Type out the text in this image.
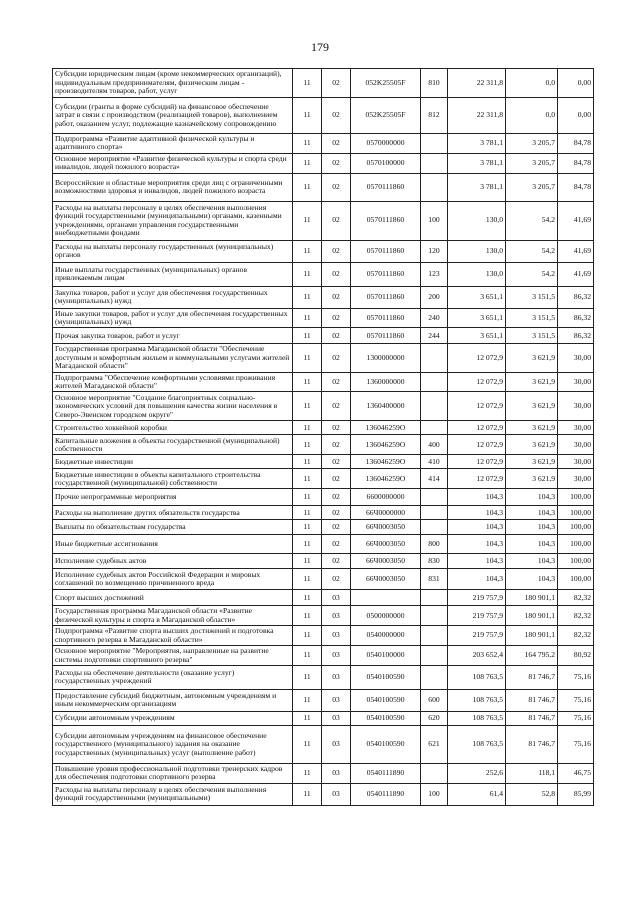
179
Субсидии юридическим лицам (кроме некоммерческих организаций), индивидуальным предпринимателям, физическим лицам - производителям товаров, работ, услуг	11	02	052K25505F	810	22 311,8	0,0	0,00
Субсидии (гранты в форме субсидий) на финансовое обеспечение затрат в связи с производством (реализацией товаров), выполнением работ, оказанием услуг, подлежащие казначейскому сопровождению	11	02	052K25505F	812	22 311,8	0,0	0,00
Подпрограмма «Развитие адаптивной физической культуры и адаптивного спорта»	11	02	0570000000		3 781,1	3 205,7	84,78
Основное мероприятие «Развитие физической культуры и спорта среди инвалидов, людей пожилого возраста»	11	02	0570100000		3 781,1	3 205,7	84,78
Всероссийские и областные мероприятия среди лиц с ограниченными возможностями здоровья и инвалидов, людей пожилого возраста	11	02	0570111860		3 781,1	3 205,7	84,78
Расходы на выплаты персоналу в целях обеспечения выполнения функций государственными (муниципальными) органами, казенными учреждениями, органами управления государственными внебюджетными фондами	11	02	0570111860	100	130,0	54,2	41,69
Расходы на выплаты персоналу государственных (муниципальных) органов	11	02	0570111860	120	130,0	54,2	41,69
Иные выплаты государственных (муниципальных) органов привлекаемым лицам	11	02	0570111860	123	130,0	54,2	41,69
Закупка товаров, работ и услуг для обеспечения государственных (муниципальных) нужд	11	02	0570111860	200	3 651,1	3 151,5	86,32
Иные закупки товаров, работ и услуг для обеспечения государственных (муниципальных) нужд	11	02	0570111860	240	3 651,1	3 151,5	86,32
Прочая закупка товаров, работ и услуг	11	02	0570111860	244	3 651,1	3 151,5	86,32
Государственная программа Магаданской области "Обеспечение доступным и комфортным жильем и коммунальными услугами жителей Магаданской области"	11	02	1300000000		12 072,9	3 621,9	30,00
Подпрограмма "Обеспечение комфортными условиями проживания жителей Магаданской области"	11	02	1360000000		12 072,9	3 621,9	30,00
Основное мероприятие "Создание благоприятных социально-экономических условий для повышения качества жизни населения в Северо-Эвенском городском округе"	11	02	1360400000		12 072,9	3 621,9	30,00
Строительство хоккейной коробки	11	02	136046259О		12 072,9	3 621,9	30,00
Капитальные вложения в объекты государственной (муниципальной) собственности	11	02	136046259О	400	12 072,9	3 621,9	30,00
Бюджетные инвестиции	11	02	136046259О	410	12 072,9	3 621,9	30,00
Бюджетные инвестиции в объекты капитального строительства государственной (муниципальной) собственности	11	02	136046259О	414	12 072,9	3 621,9	30,00
Прочие непрограммные мероприятия	11	02	6600000000		104,3	104,3	100,00
Расходы на выполнение других обязательств государства	11	02	66Ч0000000		104,3	104,3	100,00
Выплаты по обязательствам государства	11	02	66Ч0003050		104,3	104,3	100,00
Иные бюджетные ассигнования	11	02	66Ч0003050	800	104,3	104,3	100,00
Исполнение судебных актов	11	02	66Ч0003050	830	104,3	104,3	100,00
Исполнение судебных актов Российской Федерации и мировых соглашений по возмещению причиненного вреда	11	02	66Ч0003050	831	104,3	104,3	100,00
Спорт высших достижений	11	03			219 757,9	180 901,1	82,32
Государственная программа Магаданской области «Развитие физической культуры и спорта в Магаданской области»	11	03	0500000000		219 757,9	180 901,1	82,32
Подпрограмма «Развитие спорта высших достижений и подготовка спортивного резерва в Магаданской области»	11	03	0540000000		219 757,9	180 901,1	82,32
Основное мероприятие "Мероприятия, направленные на развитие системы подготовки спортивного резерва"	11	03	0540100000		203 652,4	164 795,2	80,92
Расходы на обеспечение деятельности (оказание услуг) государственных учреждений	11	03	0540100590		108 763,5	81 746,7	75,16
Предоставление субсидий бюджетным, автономным учреждениям и иным некоммерческим организациям	11	03	0540100590	600	108 763,5	81 746,7	75,16
Субсидии автономным учреждениям	11	03	0540100590	620	108 763,5	81 746,7	75,16
Субсидии автономным учреждениям на финансовое обеспечение государственного (муниципального) задания на оказание государственных (муниципальных) услуг (выполнение работ)	11	03	0540100590	621	108 763,5	81 746,7	75,16
Повышение уровня профессиональной подготовки тренерских кадров для обеспечения подготовки спортивного резерва	11	03	0540111890		252,6	118,1	46,75
Расходы на выплаты персоналу в целях обеспечения выполнения функций государственными (муниципальными)	11	03	0540111890	100	61,4	52,8	85,99
